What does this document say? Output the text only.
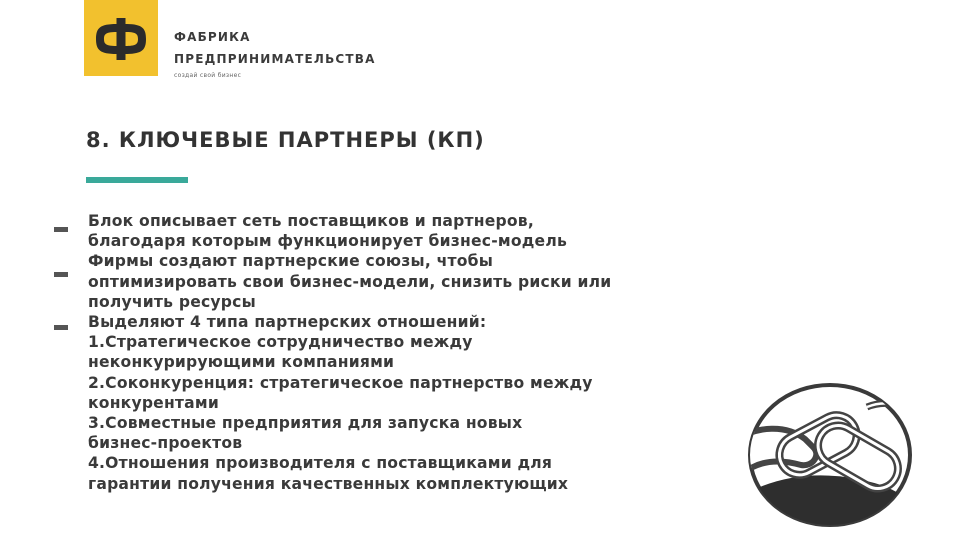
ФАБРИКА
ПРЕДПРИНИМАТЕЛЬСТВА
создай свой бизнес
8. КЛЮЧЕВЫЕ ПАРТНЕРЫ (КП)
Блок описывает сеть поставщиков и партнеров,
благодаря которым функционирует бизнес-модель
Фирмы создают партнерские союзы, чтобы
оптимизировать свои бизнес-модели, снизить риски или
получить ресурсы
Выделяют 4 типа партнерских отношений:
1.Стратегическое сотрудничество между
неконкурирующими компаниями
2.Соконкуренция: стратегическое партнерство между
конкурентами
3.Совместные предприятия для запуска новых
бизнес-проектов
4.Отношения производителя с поставщиками для
гарантии получения качественных комплектующих
